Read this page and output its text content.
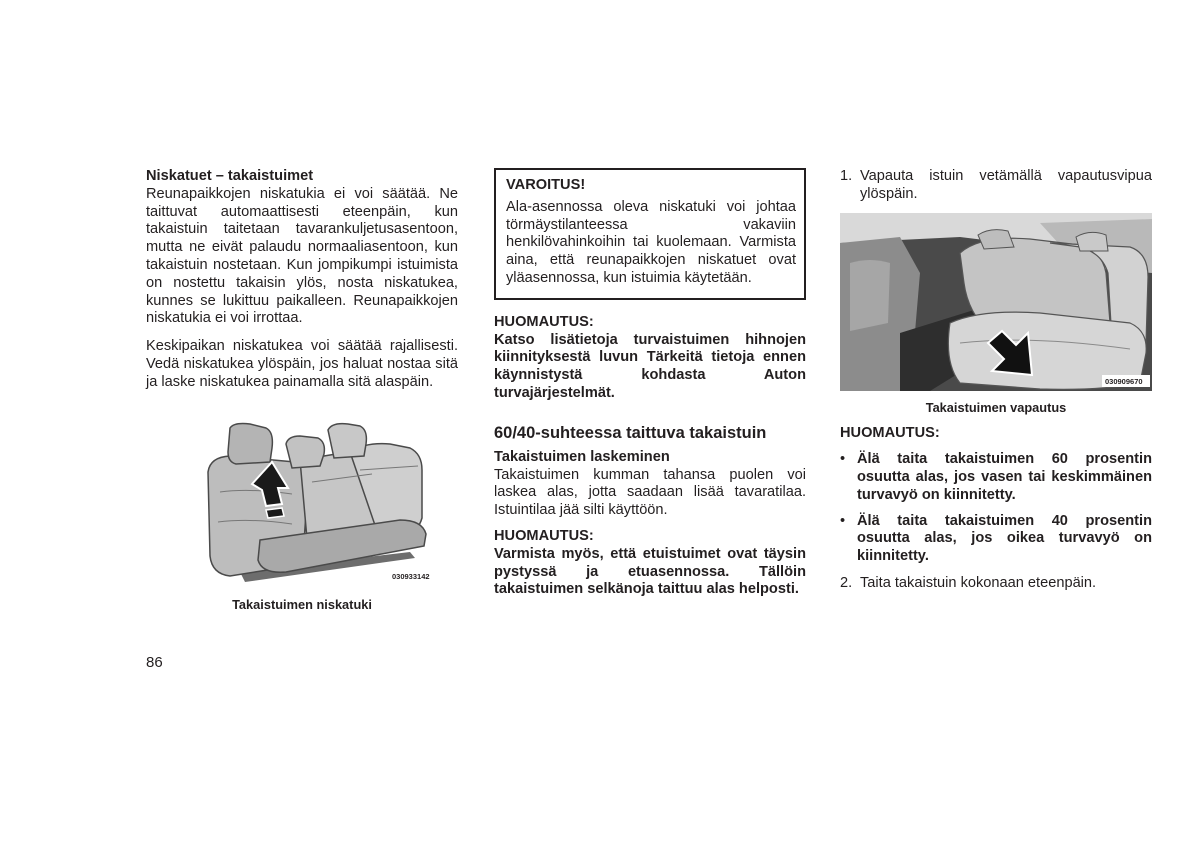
Niskatuet – takaistuimet

Reunapaikkojen niskatukia ei voi säätää. Ne taittuvat automaattisesti eteenpäin, kun takaistuin taitetaan tavarankuljetusasentoon, mutta ne eivät palaudu normaaliasentoon, kun takaistuin nostetaan. Kun jompikumpi istuimista on nostettu takaisin ylös, nosta niskatukea, kunnes se lukittuu paikalleen. Reunapaikkojen niskatukia ei voi irrottaa.

Keskipaikan niskatukea voi säätää rajallisesti. Vedä niskatukea ylöspäin, jos haluat nostaa sitä ja laske niskatukea painamalla sitä alaspäin.

030933142

Takaistuimen niskatuki

VAROITUS!

Ala-asennossa oleva niskatuki voi johtaa törmäystilanteessa vakaviin henkilövahinkoihin tai kuolemaan. Varmista aina, että reunapaikkojen niskatuet ovat yläasennossa, kun istuimia käytetään.

HUOMAUTUS:

Katso lisätietoja turvaistuimen hihnojen kiinnityksestä luvun Tärkeitä tietoja ennen käynnistystä kohdasta Auton turvajärjestelmät.

60/40-suhteessa taittuva takaistuin

Takaistuimen laskeminen

Takaistuimen kumman tahansa puolen voi laskea alas, jotta saadaan lisää tavaratilaa. Istuintilaa jää silti käyttöön.

HUOMAUTUS:

Varmista myös, että etuistuimet ovat täysin pystyssä ja etuasennossa. Tällöin takaistuimen selkänoja taittuu alas helposti.

1. Vapauta istuin vetämällä vapautusvipua ylöspäin.
030909670

Takaistuimen vapautus

HUOMAUTUS:

• Älä taita takaistuimen 60 prosentin osuutta alas, jos vasen tai keskimmäinen turvavyö on kiinnitetty.
• Älä taita takaistuimen 40 prosentin osuutta alas, jos oikea turvavyö on kiinnitetty.
2. Taita takaistuin kokonaan eteenpäin.
86
